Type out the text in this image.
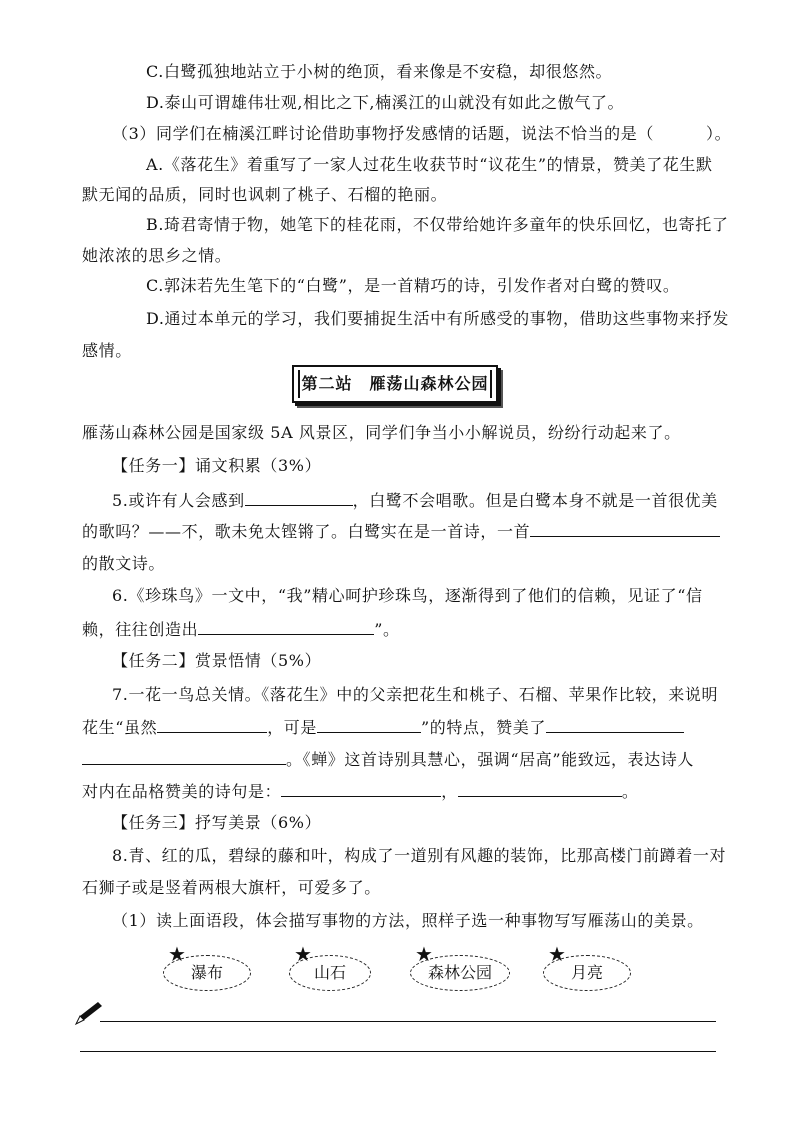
C.白鹭孤独地站立于小树的绝顶，看来像是不安稳，却很悠然。
D.泰山可谓雄伟壮观,相比之下,楠溪江的山就没有如此之傲气了。
（3）同学们在楠溪江畔讨论借助事物抒发感情的话题，说法不恰当的是（	）。
A.《落花生》着重写了一家人过花生收获节时“议花生”的情景，赞美了花生默
默无闻的品质，同时也讽刺了桃子、石榴的艳丽。
B.琦君寄情于物，她笔下的桂花雨，不仅带给她许多童年的快乐回忆，也寄托了
她浓浓的思乡之情。
C.郭沫若先生笔下的“白鹭”，是一首精巧的诗，引发作者对白鹭的赞叹。
D.通过本单元的学习，我们要捕捉生活中有所感受的事物，借助这些事物来抒发
感情。
第二站　雁荡山森林公园
雁荡山森林公园是国家级 5A 风景区，同学们争当小小解说员，纷纷行动起来了。
【任务一】诵文积累（3%）
5.或许有人会感到	，白鹭不会唱歌。但是白鹭本身不就是一首很优美
的歌吗？——不，歌未免太铿锵了。白鹭实在是一首诗，一首
的散文诗。
6.《珍珠鸟》一文中，“我”精心呵护珍珠鸟，逐渐得到了他们的信赖，见证了“信
赖，往往创造出	”。
【任务二】赏景悟情（5%）
7.一花一鸟总关情。《落花生》中的父亲把花生和桃子、石榴、苹果作比较，来说明
花生“虽然	，可是	”的特点，赞美了
。《蝉》这首诗别具慧心，强调“居高”能致远，表达诗人
对内在品格赞美的诗句是：	，	。
【任务三】抒写美景（6%）
8.青、红的瓜，碧绿的藤和叶，构成了一道别有风趣的装饰，比那高楼门前蹲着一对
石狮子或是竖着两根大旗杆，可爱多了。
（1）读上面语段，体会描写事物的方法，照样子选一种事物写写雁荡山的美景。
★
瀑布
★
山石
★
森林公园
★
月亮
